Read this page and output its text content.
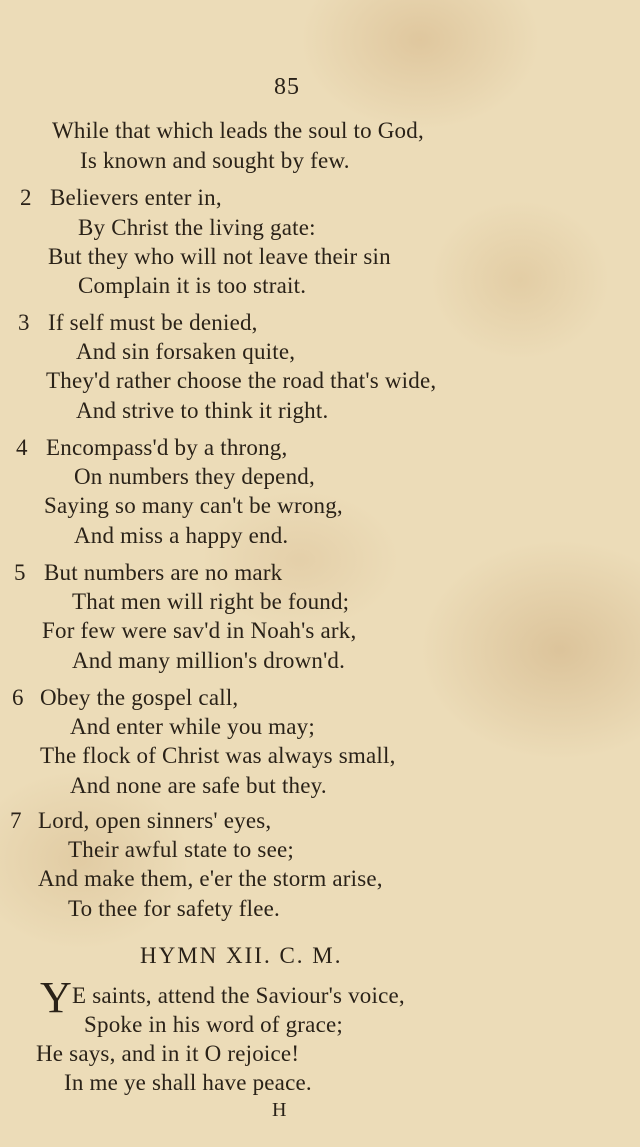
85
While that which leads the soul to God,
Is known and sought by few.
2 Believers enter in,
By Christ the living gate:
But they who will not leave their sin
Complain it is too strait.
3 If self must be denied,
And sin forsaken quite,
They'd rather choose the road that's wide,
And strive to think it right.
4 Encompass'd by a throng,
On numbers they depend,
Saying so many can't be wrong,
And miss a happy end.
5 But numbers are no mark
That men will right be found;
For few were sav'd in Noah's ark,
And many million's drown'd.
6 Obey the gospel call,
And enter while you may;
The flock of Christ was always small,
And none are safe but they.
7 Lord, open sinners' eyes,
Their awful state to see;
And make them, e'er the storm arise,
To thee for safety flee.
HYMN XII. C. M.
Y E saints, attend the Saviour's voice,
Spoke in his word of grace;
He says, and in it O rejoice!
In me ye shall have peace.
H
